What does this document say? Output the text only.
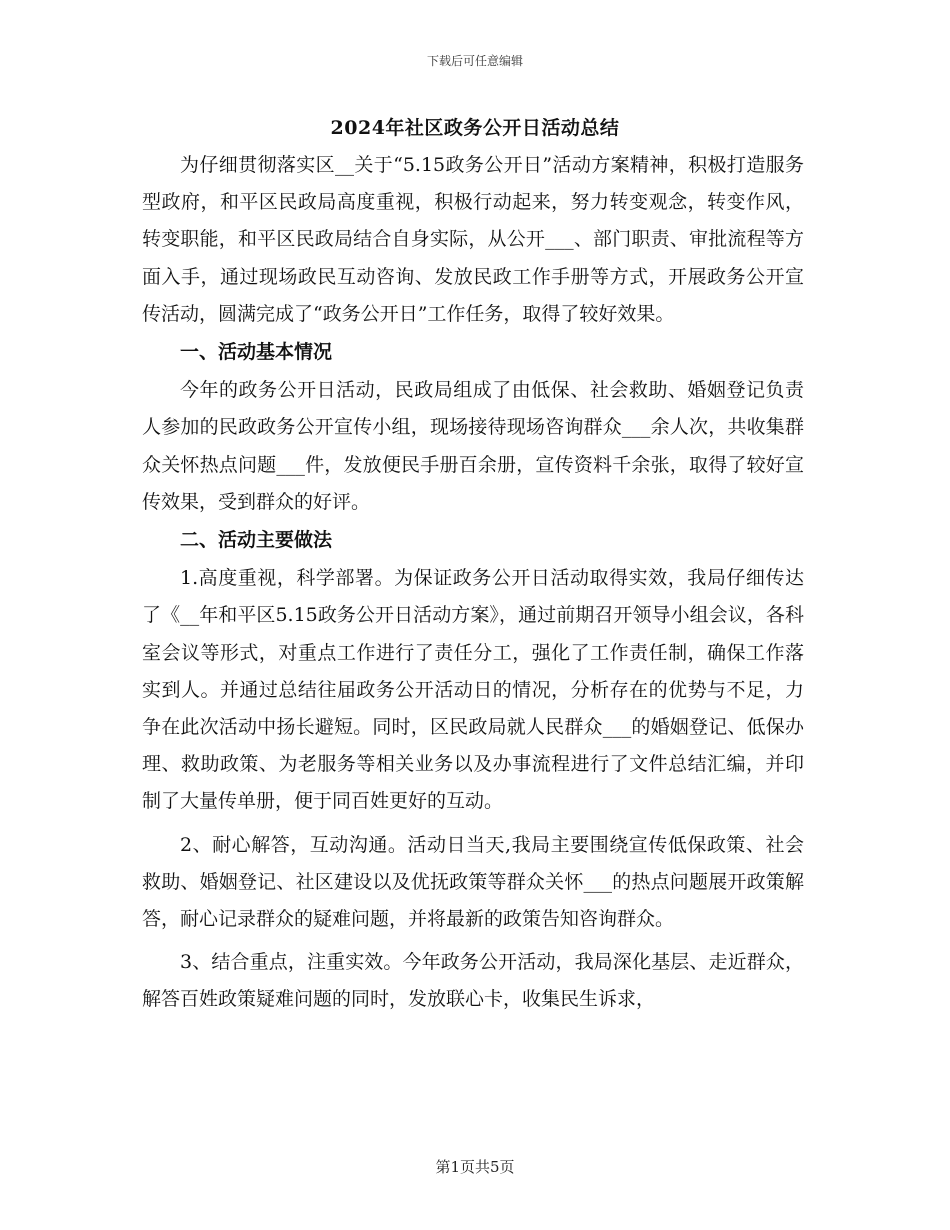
下载后可任意编辑
2024年社区政务公开日活动总结

为仔细贯彻落实区__关于“5.15政务公开日”活动方案精神，积极打造服务型政府，和平区民政局高度重视，积极行动起来，努力转变观念，转变作风，转变职能，和平区民政局结合自身实际，从公开___、部门职责、审批流程等方面入手，通过现场政民互动咨询、发放民政工作手册等方式，开展政务公开宣传活动，圆满完成了“政务公开日”工作任务，取得了较好效果。

一、活动基本情况

今年的政务公开日活动，民政局组成了由低保、社会救助、婚姻登记负责人参加的民政政务公开宣传小组，现场接待现场咨询群众___余人次，共收集群众关怀热点问题___件，发放便民手册百余册，宣传资料千余张，取得了较好宣传效果，受到群众的好评。

二、活动主要做法

1.高度重视，科学部署。为保证政务公开日活动取得实效，我局仔细传达了《__年和平区5.15政务公开日活动方案》，通过前期召开领导小组会议，各科室会议等形式，对重点工作进行了责任分工，强化了工作责任制，确保工作落实到人。并通过总结往届政务公开活动日的情况，分析存在的优势与不足，力争在此次活动中扬长避短。同时，区民政局就人民群众___的婚姻登记、低保办理、救助政策、为老服务等相关业务以及办事流程进行了文件总结汇编，并印制了大量传单册，便于同百姓更好的互动。

2、耐心解答，互动沟通。活动日当天,我局主要围绕宣传低保政策、社会救助、婚姻登记、社区建设以及优抚政策等群众关怀___的热点问题展开政策解答，耐心记录群众的疑难问题，并将最新的政策告知咨询群众。

3、结合重点，注重实效。今年政务公开活动，我局深化基层、走近群众，解答百姓政策疑难问题的同时，发放联心卡，收集民生诉求，

第1页共5页
